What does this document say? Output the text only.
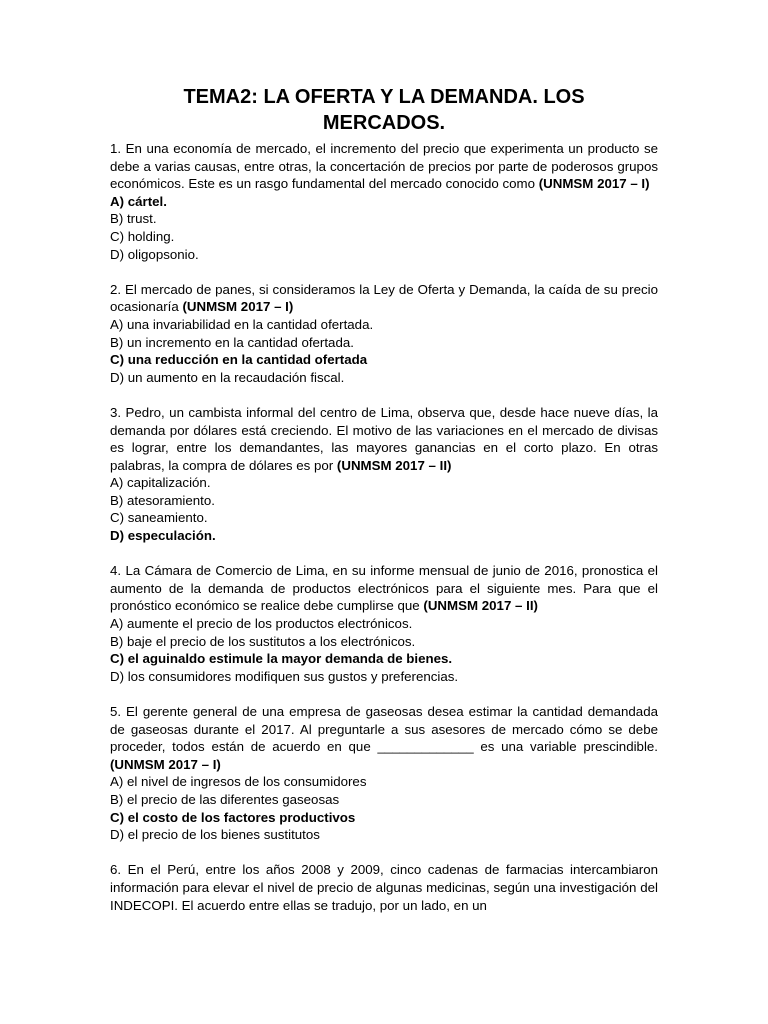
TEMA2: LA OFERTA Y LA DEMANDA. LOS
MERCADOS.

1. En una economía de mercado, el incremento del precio que experimenta un producto se debe a varias causas, entre otras, la concertación de precios por parte de poderosos grupos económicos. Este es un rasgo fundamental del mercado conocido como (UNMSM 2017 – I)

A) cártel.

B) trust.

C) holding.

D) oligopsonio.

2. El mercado de panes, si consideramos la Ley de Oferta y Demanda, la caída de su precio ocasionaría (UNMSM 2017 – I)

A) una invariabilidad en la cantidad ofertada.

B) un incremento en la cantidad ofertada.

C) una reducción en la cantidad ofertada

D) un aumento en la recaudación fiscal.

3. Pedro, un cambista informal del centro de Lima, observa que, desde hace nueve días, la demanda por dólares está creciendo. El motivo de las variaciones en el mercado de divisas es lograr, entre los demandantes, las mayores ganancias en el corto plazo. En otras palabras, la compra de dólares es por (UNMSM 2017 – II)

A) capitalización.

B) atesoramiento.

C) saneamiento.

D) especulación.

4. La Cámara de Comercio de Lima, en su informe mensual de junio de 2016, pronostica el aumento de la demanda de productos electrónicos para el siguiente mes. Para que el pronóstico económico se realice debe cumplirse que (UNMSM 2017 – II)

A) aumente el precio de los productos electrónicos.

B) baje el precio de los sustitutos a los electrónicos.

C) el aguinaldo estimule la mayor demanda de bienes.

D) los consumidores modifiquen sus gustos y preferencias.

5. El gerente general de una empresa de gaseosas desea estimar la cantidad demandada de gaseosas durante el 2017. Al preguntarle a sus asesores de mercado cómo se debe proceder, todos están de acuerdo en que _____________ es una variable prescindible. (UNMSM 2017 – I)

A) el nivel de ingresos de los consumidores

B) el precio de las diferentes gaseosas

C) el costo de los factores productivos

D) el precio de los bienes sustitutos

6. En el Perú, entre los años 2008 y 2009, cinco cadenas de farmacias intercambiaron información para elevar el nivel de precio de algunas medicinas, según una investigación del INDECOPI. El acuerdo entre ellas se tradujo, por un lado, en un
